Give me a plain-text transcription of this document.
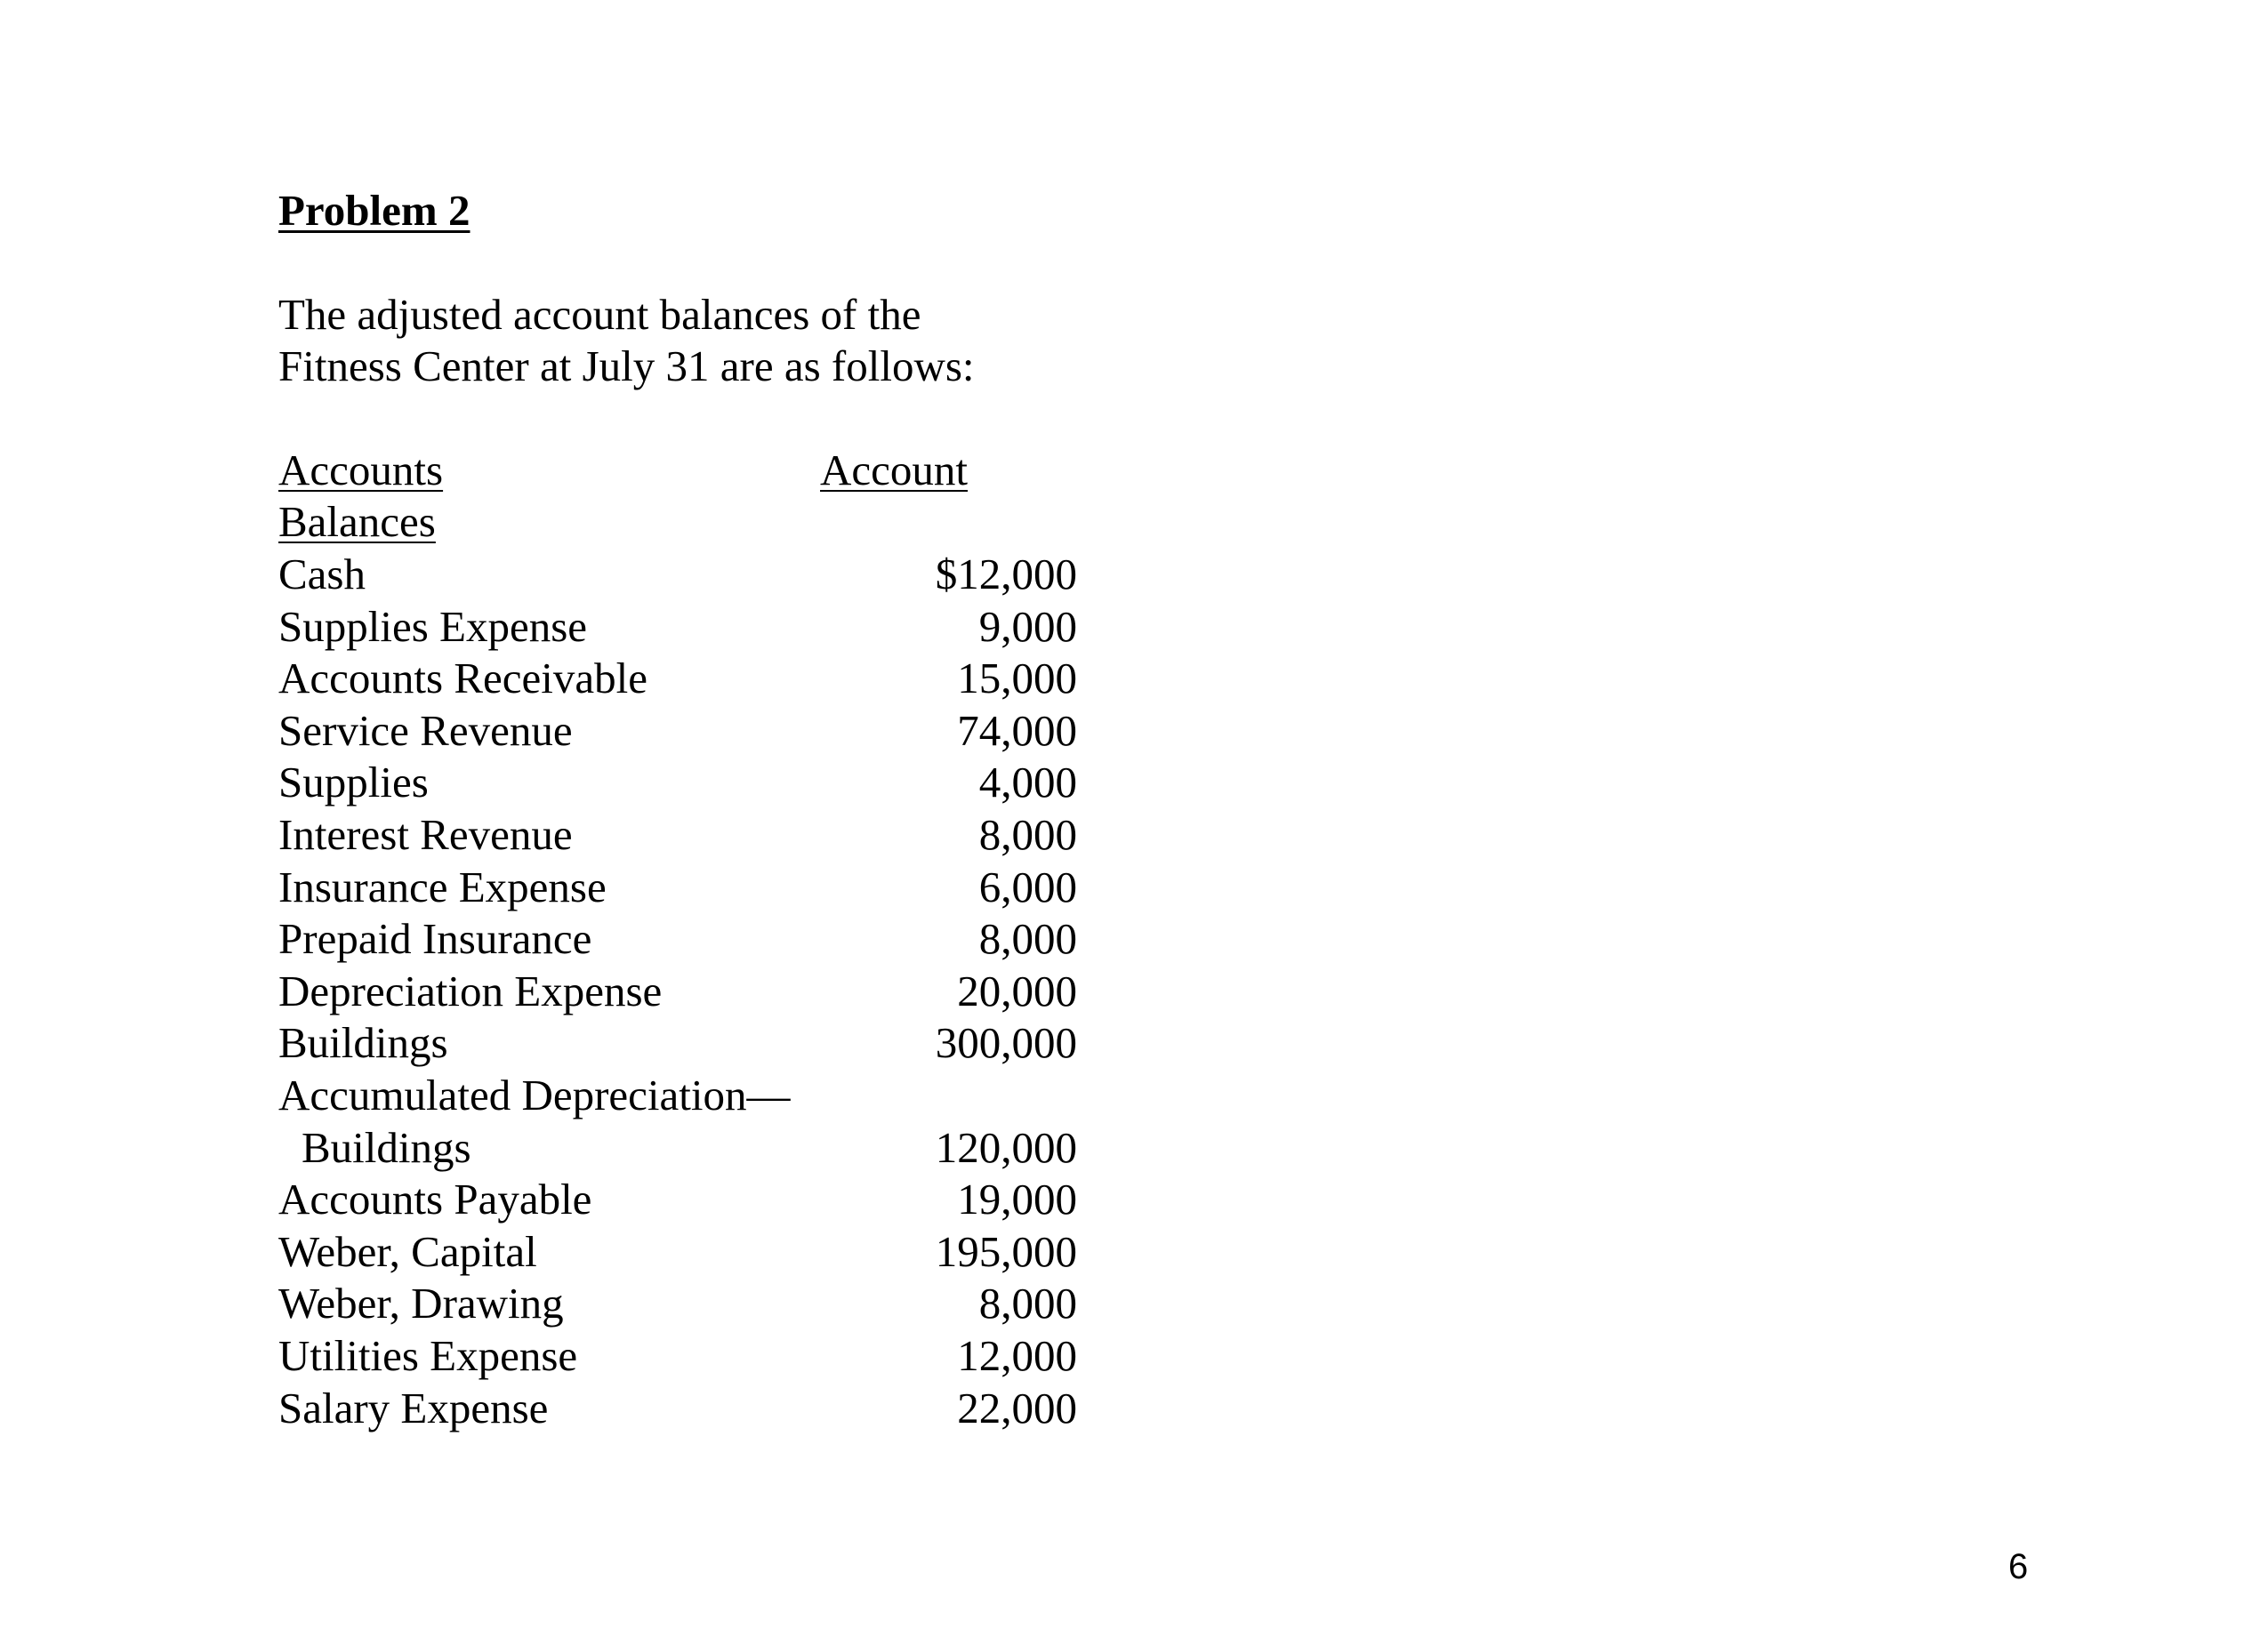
Problem 2
The adjusted account balances of the
Fitness Center at July 31 are as follows:
Accounts	Account
Balances
Cash	$12,000
Supplies Expense	9,000
Accounts Receivable	15,000
Service Revenue	74,000
Supplies	4,000
Interest Revenue	8,000
Insurance Expense	6,000
Prepaid Insurance	8,000
Depreciation Expense	20,000
Buildings	300,000
Accumulated Depreciation—
Buildings	120,000
Accounts Payable	19,000
Weber, Capital	195,000
Weber, Drawing	8,000
Utilities Expense	12,000
Salary Expense	22,000
6
